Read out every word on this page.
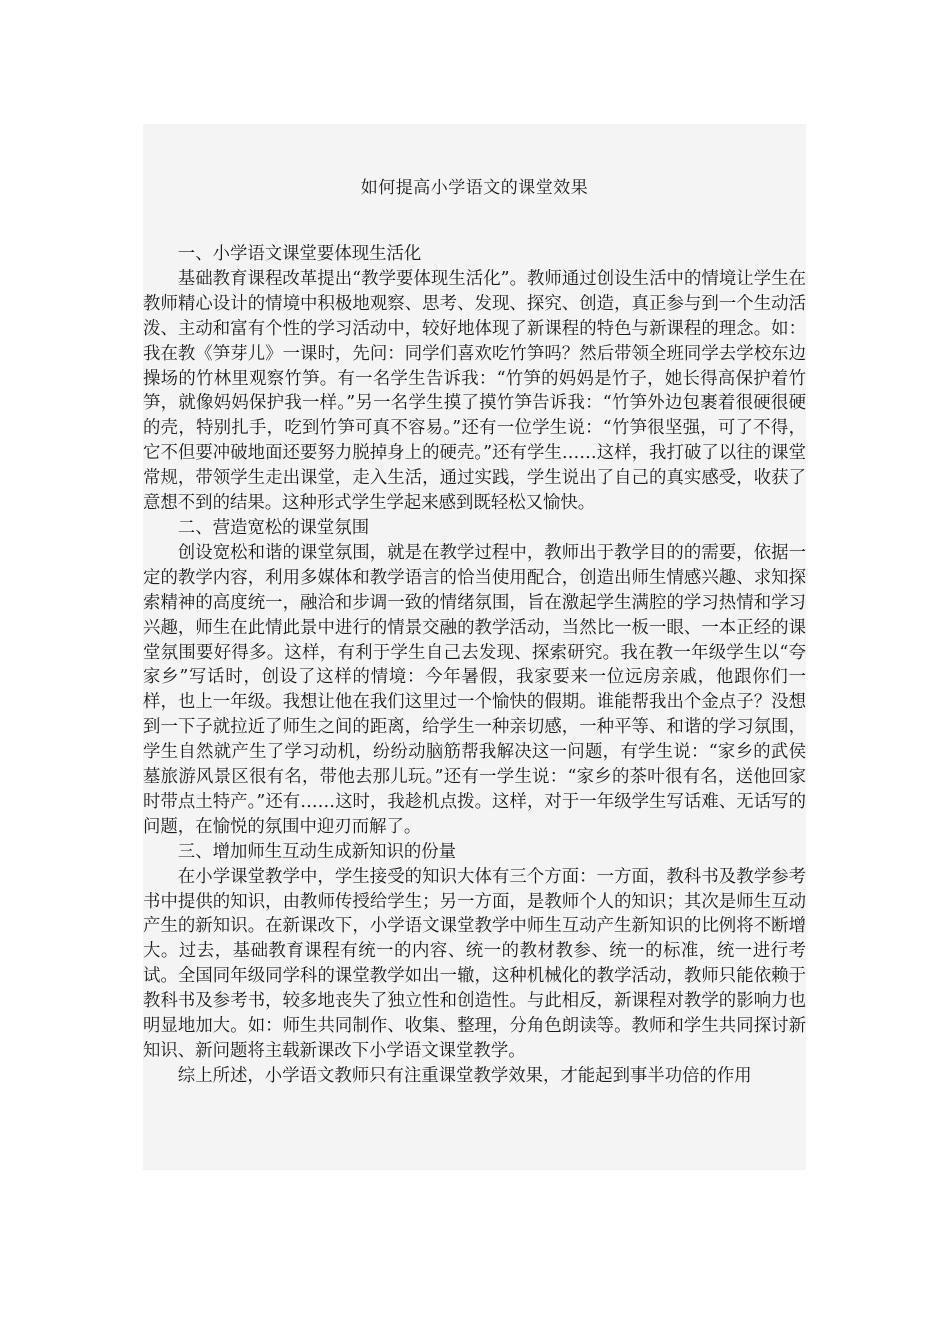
如何提高小学语文的课堂效果

一、小学语文课堂要体现生活化

基础教育课程改革提出“教学要体现生活化”。教师通过创设生活中的情境让学生在教师精心设计的情境中积极地观察、思考、发现、探究、创造，真正参与到一个生动活泼、主动和富有个性的学习活动中，较好地体现了新课程的特色与新课程的理念。如：我在教《笋芽儿》一课时，先问：同学们喜欢吃竹笋吗？然后带领全班同学去学校东边操场的竹林里观察竹笋。有一名学生告诉我：“竹笋的妈妈是竹子，她长得高保护着竹笋，就像妈妈保护我一样。”另一名学生摸了摸竹笋告诉我：“竹笋外边包裹着很硬很硬的壳，特别扎手，吃到竹笋可真不容易。”还有一位学生说：“竹笋很坚强，可了不得，它不但要冲破地面还要努力脱掉身上的硬壳。”还有学生……这样，我打破了以往的课堂常规，带领学生走出课堂，走入生活，通过实践，学生说出了自己的真实感受，收获了意想不到的结果。这种形式学生学起来感到既轻松又愉快。

二、营造宽松的课堂氛围

创设宽松和谐的课堂氛围，就是在教学过程中，教师出于教学目的的需要，依据一定的教学内容，利用多媒体和教学语言的恰当使用配合，创造出师生情感兴趣、求知探索精神的高度统一，融洽和步调一致的情绪氛围，旨在激起学生满腔的学习热情和学习兴趣，师生在此情此景中进行的情景交融的教学活动，当然比一板一眼、一本正经的课堂氛围要好得多。这样，有利于学生自己去发现、探索研究。我在教一年级学生以“夸家乡”写话时，创设了这样的情境：今年暑假，我家要来一位远房亲戚，他跟你们一样，也上一年级。我想让他在我们这里过一个愉快的假期。谁能帮我出个金点子？没想到一下子就拉近了师生之间的距离，给学生一种亲切感，一种平等、和谐的学习氛围，学生自然就产生了学习动机，纷纷动脑筋帮我解决这一问题，有学生说：“家乡的武侯墓旅游风景区很有名，带他去那儿玩。”还有一学生说：“家乡的茶叶很有名，送他回家时带点土特产。”还有……这时，我趁机点拨。这样，对于一年级学生写话难、无话写的问题，在愉悦的氛围中迎刃而解了。

三、增加师生互动生成新知识的份量

在小学课堂教学中，学生接受的知识大体有三个方面：一方面，教科书及教学参考书中提供的知识，由教师传授给学生；另一方面，是教师个人的知识；其次是师生互动产生的新知识。在新课改下，小学语文课堂教学中师生互动产生新知识的比例将不断增大。过去，基础教育课程有统一的内容、统一的教材教参、统一的标准，统一进行考试。全国同年级同学科的课堂教学如出一辙，这种机械化的教学活动，教师只能依赖于教科书及参考书，较多地丧失了独立性和创造性。与此相反，新课程对教学的影响力也明显地加大。如：师生共同制作、收集、整理，分角色朗读等。教师和学生共同探讨新知识、新问题将主载新课改下小学语文课堂教学。

综上所述，小学语文教师只有注重课堂教学效果，才能起到事半功倍的作用
